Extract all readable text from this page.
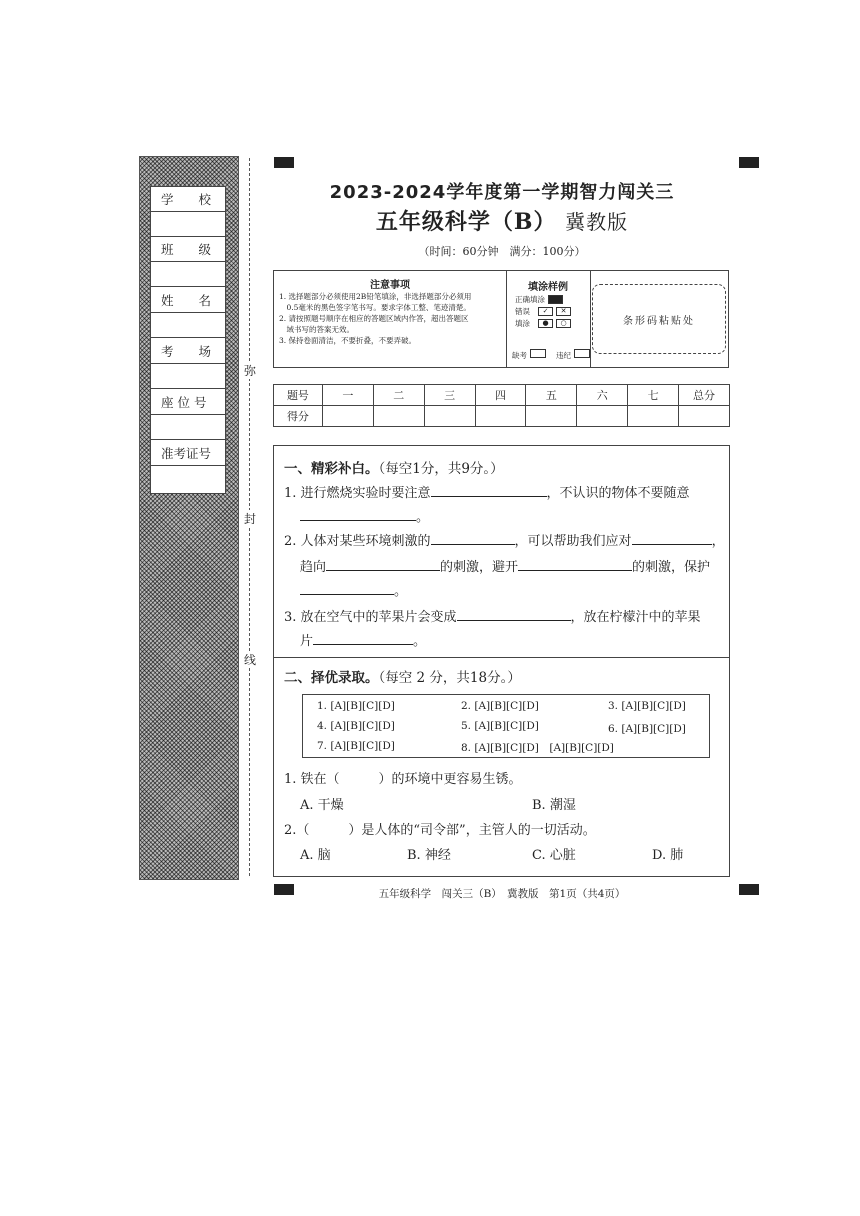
学　　校
班　　级
姓　　名
考　　场
座 位 号
准考证号
弥
封
线
2023-2024学年度第一学期智力闯关三
五年级科学（B） 冀教版
（时间：60分钟　满分：100分）
注意事项
1. 选择题部分必须使用2B铅笔填涂，非选择题部分必须用
　0.5毫米的黑色签字笔书写。要求字体工整、笔迹清楚。
2. 请按照题号顺序在相应的答题区域内作答，超出答题区
　域书写的答案无效。
3. 保持卷面清洁，不要折叠，不要弄破。
填涂样例
正确填涂
错误	✓	✕
填涂	●	○
缺考	违纪
条形码粘贴处
题号	一	二	三	四	五	六	七	总分
得分								
一、精彩补白。（每空1分，共9分。）
1. 进行燃烧实验时要注意	，不认识的物体不要随意
。
2. 人体对某些环境刺激的	，可以帮助我们应对	，
趋向	的刺激，避开	的刺激，保护
。
3. 放在空气中的苹果片会变成	，放在柠檬汁中的苹果
片	。
二、择优录取。（每空 2 分，共18分。）
1. [A][B][C][D]	2. [A][B][C][D]	3. [A][B][C][D]
4. [A][B][C][D]	5. [A][B][C][D]	6. [A][B][C][D]
7. [A][B][C][D]	8. [A][B][C][D]　[A][B][C][D]
1. 铁在（　　　）的环境中更容易生锈。
A. 干燥	B. 潮湿
2.（　　　）是人体的“司令部”，主管人的一切活动。
A. 脑	B. 神经	C. 心脏	D. 肺
五年级科学　闯关三（B）　冀教版　第1页（共4页）
